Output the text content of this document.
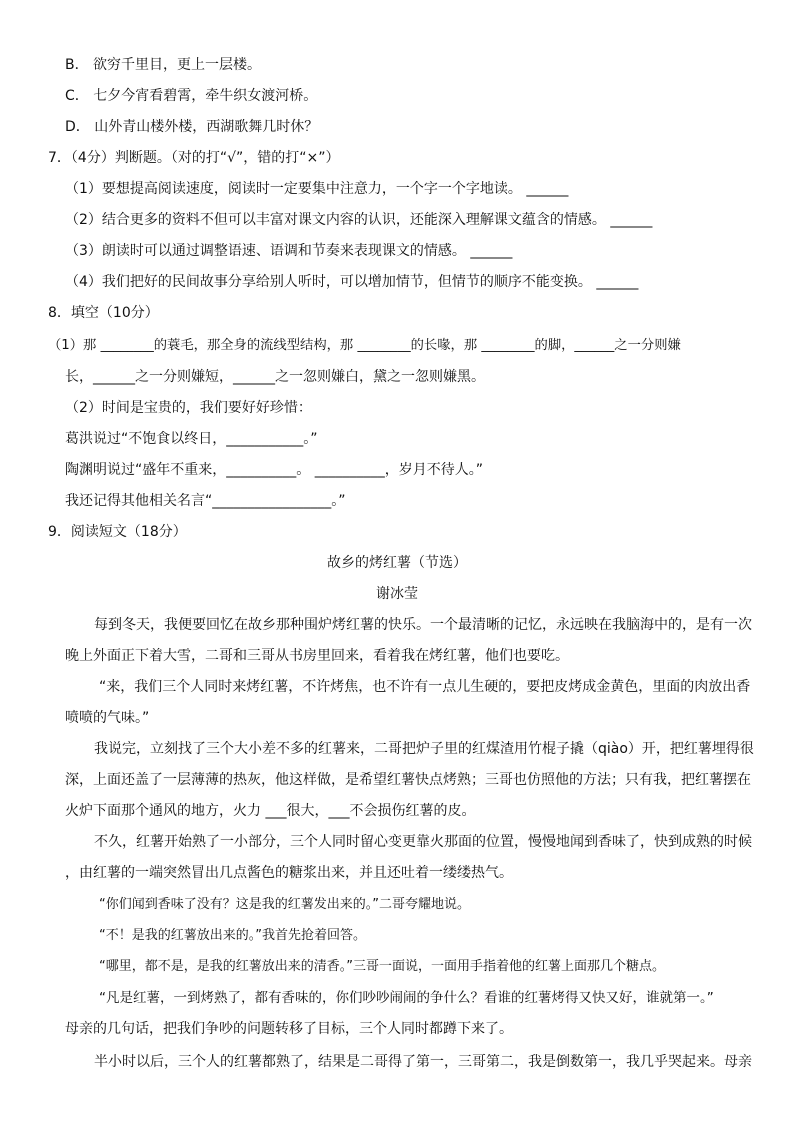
B． 欲穷千里目，更上一层楼。
C． 七夕今宵看碧霄，牵牛织女渡河桥。
D． 山外青山楼外楼，西湖歌舞几时休？
7．（4分）判断题。（对的打“√”，错的打“×”）
（1）要想提高阅读速度，阅读时一定要集中注意力，一个字一个字地读。 ______
（2）结合更多的资料不但可以丰富对课文内容的认识，还能深入理解课文蕴含的情感。 ______
（3）朗读时可以通过调整语速、语调和节奏来表现课文的情感。 ______
（4）我们把好的民间故事分享给别人听时，可以增加情节，但情节的顺序不能变换。 ______
8．填空（10分）
（1）那 ________的蓑毛，那全身的流线型结构，那 ________的长喙，那 ________的脚，______之一分则嫌
长，______之一分则嫌短，______之一忽则嫌白，黛之一忽则嫌黑。
（2）时间是宝贵的，我们要好好珍惜：
葛洪说过“不饱食以终日，___________。”
陶渊明说过“盛年不重来，__________。 __________，岁月不待人。”
我还记得其他相关名言“_________________。”
9．阅读短文（18分）
故乡的烤红薯（节选）
谢冰莹
每到冬天，我便要回忆在故乡那种围炉烤红薯的快乐。一个最清晰的记忆，永远映在我脑海中的，是有一次
晚上外面正下着大雪，二哥和三哥从书房里回来，看着我在烤红薯，他们也要吃。
“来，我们三个人同时来烤红薯，不许烤焦，也不许有一点儿生硬的，要把皮烤成金黄色，里面的肉放出香
喷喷的气味。”
我说完，立刻找了三个大小差不多的红薯来，二哥把炉子里的红煤渣用竹棍子撬（qiào）开，把红薯埋得很
深，上面还盖了一层薄薄的热灰，他这样做，是希望红薯快点烤熟；三哥也仿照他的方法；只有我，把红薯摆在
火炉下面那个通风的地方，火力 ___很大，___不会损伤红薯的皮。
不久，红薯开始熟了一小部分，三个人同时留心变更靠火那面的位置，慢慢地闻到香味了，快到成熟的时候
，由红薯的一端突然冒出几点酱色的糖浆出来，并且还吐着一缕缕热气。
“你们闻到香味了没有？这是我的红薯发出来的。”二哥夸耀地说。
“不！是我的红薯放出来的。”我首先抢着回答。
“哪里，都不是，是我的红薯放出来的清香。”三哥一面说，一面用手指着他的红薯上面那几个糖点。
“凡是红薯，一到烤熟了，都有香味的，你们吵吵闹闹的争什么？看谁的红薯烤得又快又好，谁就第一。”
母亲的几句话，把我们争吵的问题转移了目标，三个人同时都蹲下来了。
半小时以后，三个人的红薯都熟了，结果是二哥得了第一，三哥第二，我是倒数第一，我几乎哭起来。母亲
